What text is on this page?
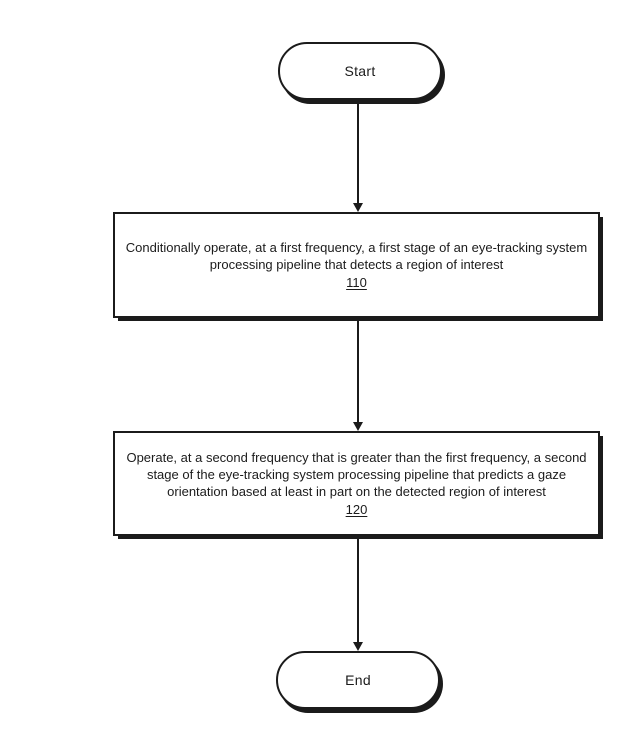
Start
Conditionally operate, at a first frequency, a first stage of an eye-tracking system processing pipeline that detects a region of interest
110
Operate, at a second frequency that is greater than the first frequency, a second stage of the eye-tracking system processing pipeline that predicts a gaze orientation based at least in part on the detected region of interest
120
End
